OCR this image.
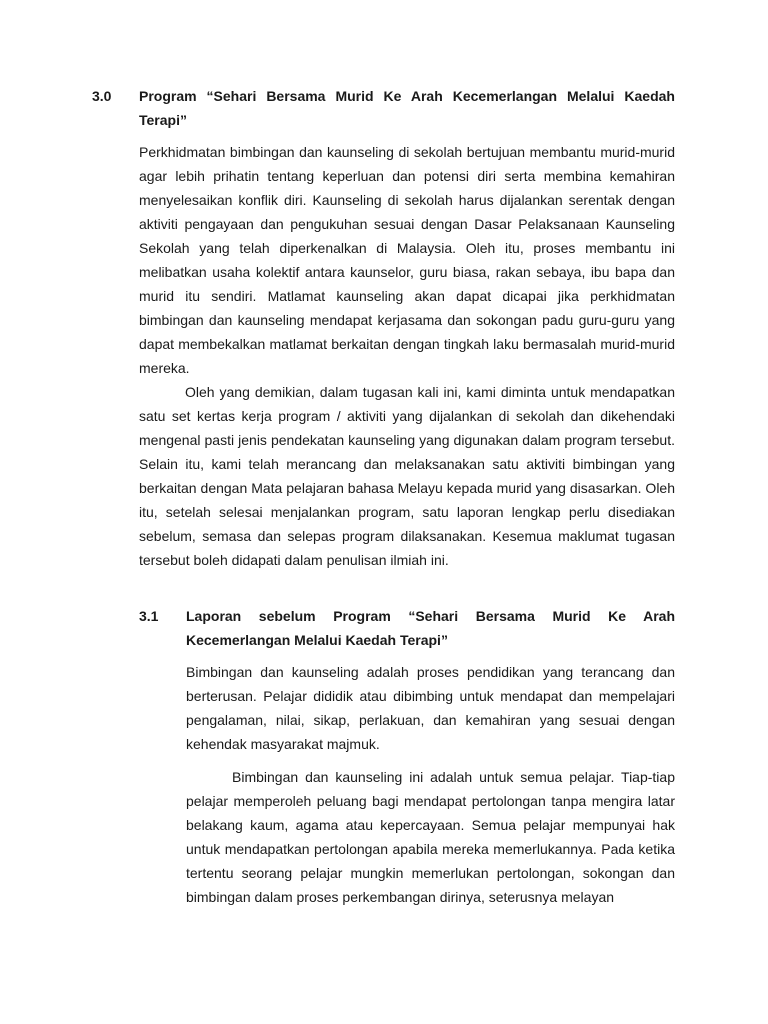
3.0 Program “Sehari Bersama Murid Ke Arah Kecemerlangan Melalui Kaedah Terapi”

Perkhidmatan bimbingan dan kaunseling di sekolah bertujuan membantu murid-murid agar lebih prihatin tentang keperluan dan potensi diri serta membina kemahiran menyelesaikan konflik diri. Kaunseling di sekolah harus dijalankan serentak dengan aktiviti pengayaan dan pengukuhan sesuai dengan Dasar Pelaksanaan Kaunseling Sekolah yang telah diperkenalkan di Malaysia. Oleh itu, proses membantu ini melibatkan usaha kolektif antara kaunselor, guru biasa, rakan sebaya, ibu bapa dan murid itu sendiri. Matlamat kaunseling akan dapat dicapai jika perkhidmatan bimbingan dan kaunseling mendapat kerjasama dan sokongan padu guru-guru yang dapat membekalkan matlamat berkaitan dengan tingkah laku bermasalah murid-murid mereka.

Oleh yang demikian, dalam tugasan kali ini, kami diminta untuk mendapatkan satu set kertas kerja program / aktiviti yang dijalankan di sekolah dan dikehendaki mengenal pasti jenis pendekatan kaunseling yang digunakan dalam program tersebut. Selain itu, kami telah merancang dan melaksanakan satu aktiviti bimbingan yang berkaitan dengan Mata pelajaran bahasa Melayu kepada murid yang disasarkan. Oleh itu, setelah selesai menjalankan program, satu laporan lengkap perlu disediakan sebelum, semasa dan selepas program dilaksanakan. Kesemua maklumat tugasan tersebut boleh didapati dalam penulisan ilmiah ini.

3.1 Laporan sebelum Program “Sehari Bersama Murid Ke Arah Kecemerlangan Melalui Kaedah Terapi”

Bimbingan dan kaunseling adalah proses pendidikan yang terancang dan berterusan. Pelajar dididik atau dibimbing untuk mendapat dan mempelajari pengalaman, nilai, sikap, perlakuan, dan kemahiran yang sesuai dengan kehendak masyarakat majmuk.

Bimbingan dan kaunseling ini adalah untuk semua pelajar. Tiap-tiap pelajar memperoleh peluang bagi mendapat pertolongan tanpa mengira latar belakang kaum, agama atau kepercayaan. Semua pelajar mempunyai hak untuk mendapatkan pertolongan apabila mereka memerlukannya. Pada ketika tertentu seorang pelajar mungkin memerlukan pertolongan, sokongan dan bimbingan dalam proses perkembangan dirinya, seterusnya melayan
